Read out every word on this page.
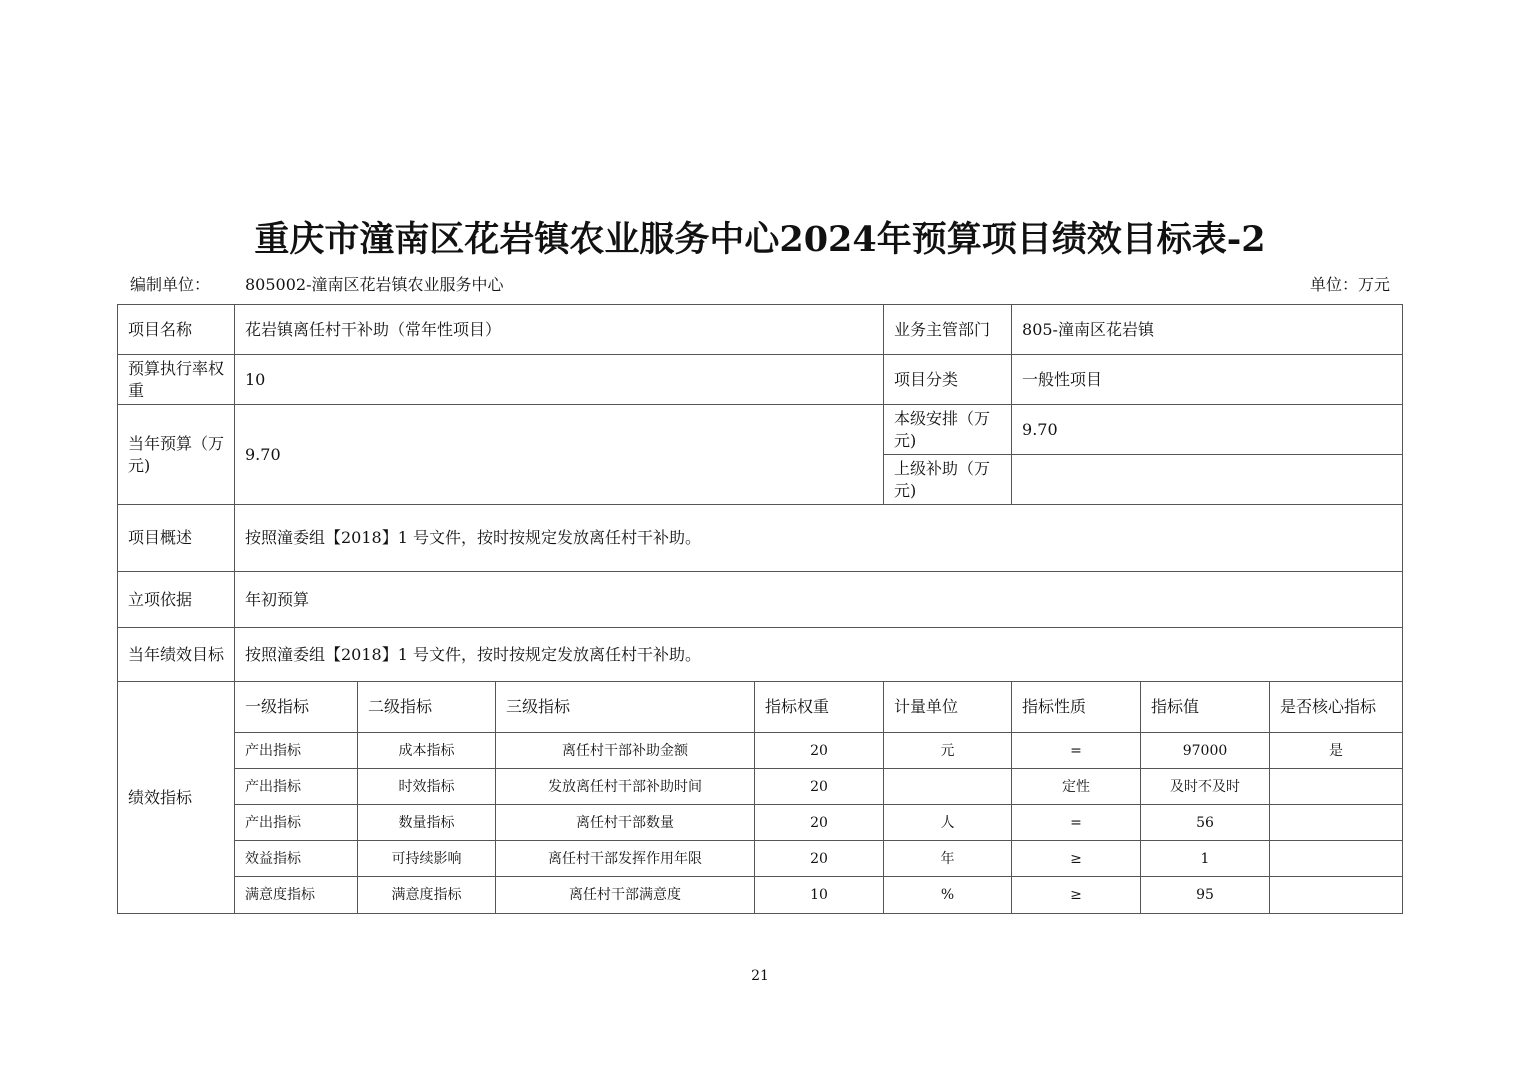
重庆市潼南区花岩镇农业服务中心2024年预算项目绩效目标表-2
编制单位： 805002-潼南区花岩镇农业服务中心	单位：万元
项目名称	花岩镇离任村干补助（常年性项目）				业务主管部门	805-潼南区花岩镇		
预算执行率权重	10				项目分类	一般性项目		
当年预算（万元)	9.70				本级安排（万元)	9.70		
					上级补助（万元)			
项目概述	按照潼委组【2018】1 号文件，按时按规定发放离任村干补助。							
立项依据	年初预算							
当年绩效目标	按照潼委组【2018】1 号文件，按时按规定发放离任村干补助。							
绩效指标	一级指标	二级指标	三级指标	指标权重	计量单位	指标性质	指标值	是否核心指标
	产出指标	成本指标	离任村干部补助金额	20	元	=	97000	是
	产出指标	时效指标	发放离任村干部补助时间	20		定性	及时不及时	
	产出指标	数量指标	离任村干部数量	20	人	=	56	
	效益指标	可持续影响	离任村干部发挥作用年限	20	年	≥	1	
	满意度指标	满意度指标	离任村干部满意度	10	%	≥	95	
21
